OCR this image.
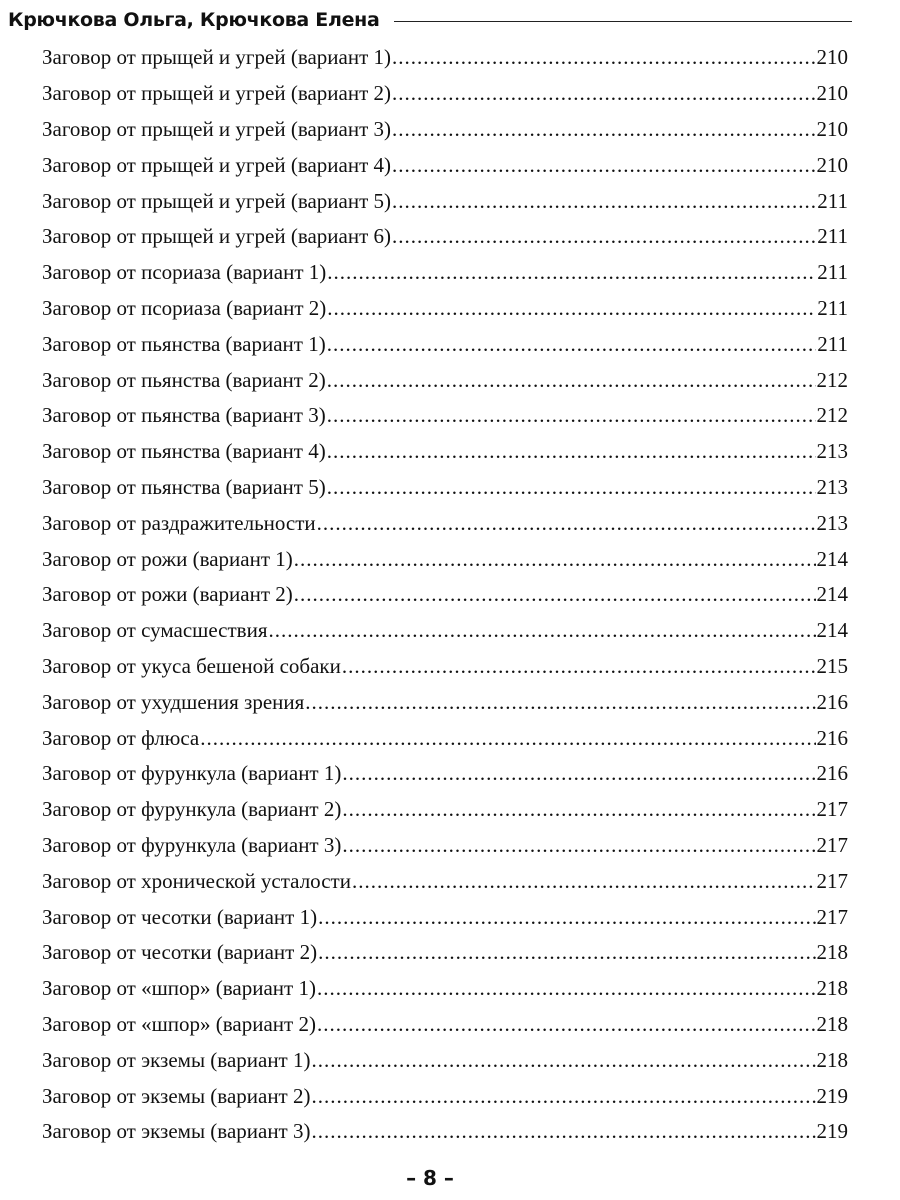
Крючкова Ольга, Крючкова Елена
Заговор от прыщей и угрей (вариант 1) .....	210
Заговор от прыщей и угрей (вариант 2) .....	210
Заговор от прыщей и угрей (вариант 3) .....	210
Заговор от прыщей и угрей (вариант 4) .....	210
Заговор от прыщей и угрей (вариант 5) .....	211
Заговор от прыщей и угрей (вариант 6) .....	211
Заговор от псориаза (вариант 1) .....	211
Заговор от псориаза (вариант 2) .....	211
Заговор от пьянства (вариант 1) .....	211
Заговор от пьянства (вариант 2) .....	212
Заговор от пьянства (вариант 3) .....	212
Заговор от пьянства (вариант 4) .....	213
Заговор от пьянства (вариант 5) .....	213
Заговор от раздражительности .....	213
Заговор от рожи (вариант 1) .....	214
Заговор от рожи (вариант 2) .....	214
Заговор от сумасшествия .....	214
Заговор от укуса бешеной собаки .....	215
Заговор от ухудшения зрения .....	216
Заговор от флюса .....	216
Заговор от фурункула (вариант 1) .....	216
Заговор от фурункула (вариант 2) .....	217
Заговор от фурункула (вариант 3) .....	217
Заговор от хронической усталости .....	217
Заговор от чесотки (вариант 1) .....	217
Заговор от чесотки (вариант 2) .....	218
Заговор от «шпор» (вариант 1) .....	218
Заговор от «шпор» (вариант 2) .....	218
Заговор от экземы (вариант 1) .....	218
Заговор от экземы (вариант 2) .....	219
Заговор от экземы (вариант 3) .....	219
– 8 –
